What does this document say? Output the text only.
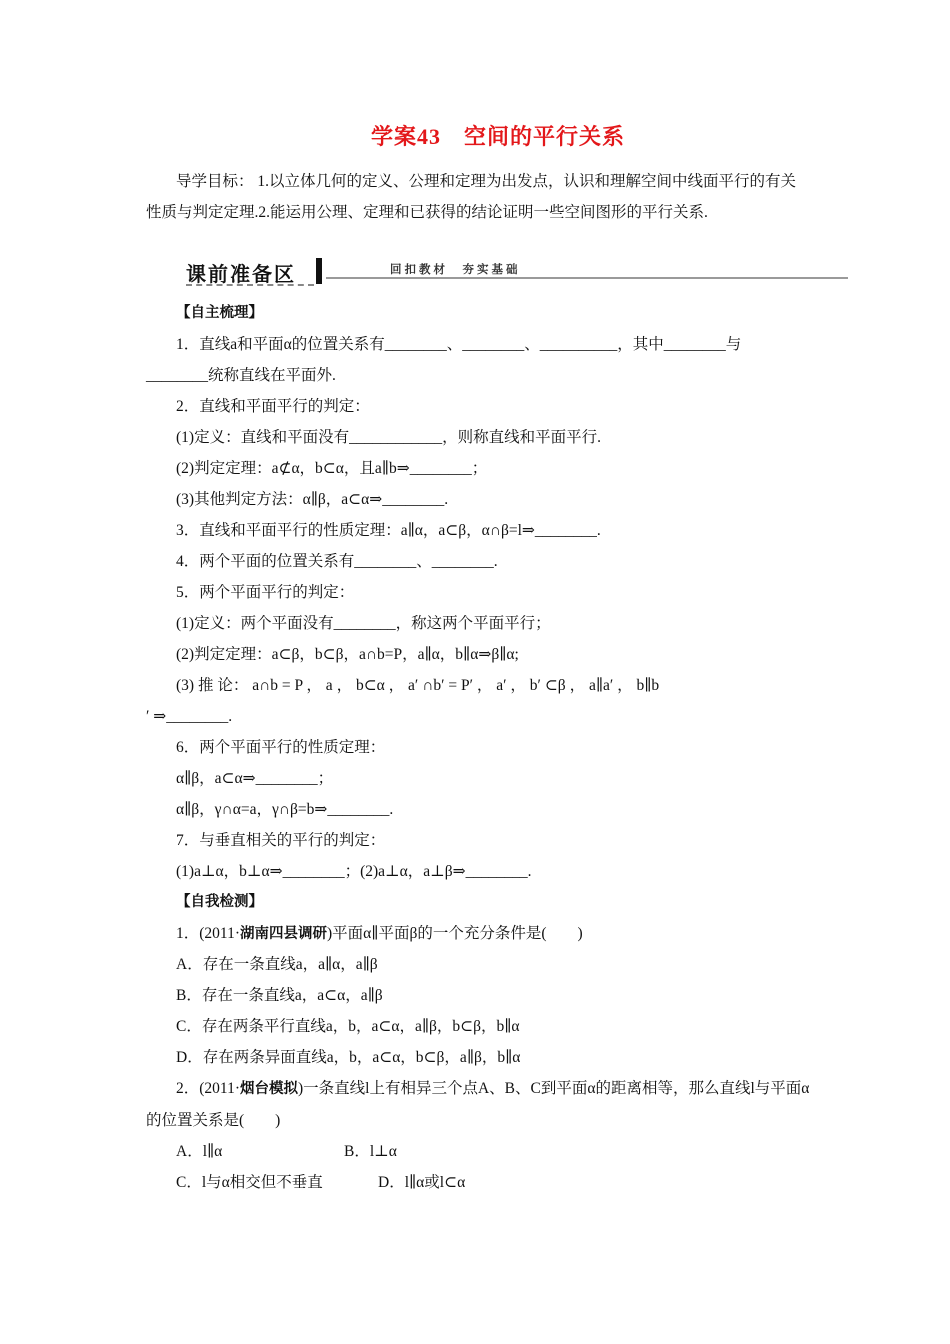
学案43　空间的平行关系
导学目标： 1.以立体几何的定义、公理和定理为出发点，认识和理解空间中线面平行的有关性质与判定定理.2.能运用公理、定理和已获得的结论证明一些空间图形的平行关系.
课前准备区	回扣教材　夯实基础
【自主梳理】
1．直线a和平面α的位置关系有________、________、__________，其中________与
________统称直线在平面外.
2．直线和平面平行的判定：
(1)定义：直线和平面没有____________，则称直线和平面平行.
(2)判定定理：a⊄α，b⊂α，且a∥b⇒________；
(3)其他判定方法：α∥β，a⊂α⇒________.
3．直线和平面平行的性质定理：a∥α，a⊂β，α∩β=l⇒________.
4．两个平面的位置关系有________、________.
5．两个平面平行的判定：
(1)定义：两个平面没有________，称这两个平面平行；
(2)判定定理：a⊂β，b⊂β，a∩b=P，a∥α，b∥α⇒β∥α;
(3) 推 论： a∩b = P ， a ， b⊂α ， a′ ∩b′ = P′ ， a′ ， b′ ⊂β ， a∥a′ ， b∥b
′ ⇒________.
6．两个平面平行的性质定理：
α∥β，a⊂α⇒________；
α∥β，γ∩α=a，γ∩β=b⇒________.
7．与垂直相关的平行的判定：
(1)a⊥α，b⊥α⇒________；(2)a⊥α，a⊥β⇒________.
【自我检测】
1．(2011·湖南四县调研)平面α∥平面β的一个充分条件是(　　)
A．存在一条直线a，a∥α，a∥β
B．存在一条直线a，a⊂α，a∥β
C．存在两条平行直线a，b，a⊂α，a∥β，b⊂β，b∥α
D．存在两条异面直线a，b，a⊂α，b⊂β，a∥β，b∥α
2．(2011·烟台模拟)一条直线l上有相异三个点A、B、C到平面α的距离相等，那么直线l与平面α的位置关系是(　　)
A．l∥α	B．l⊥α
C．l与α相交但不垂直	D．l∥α或l⊂α
